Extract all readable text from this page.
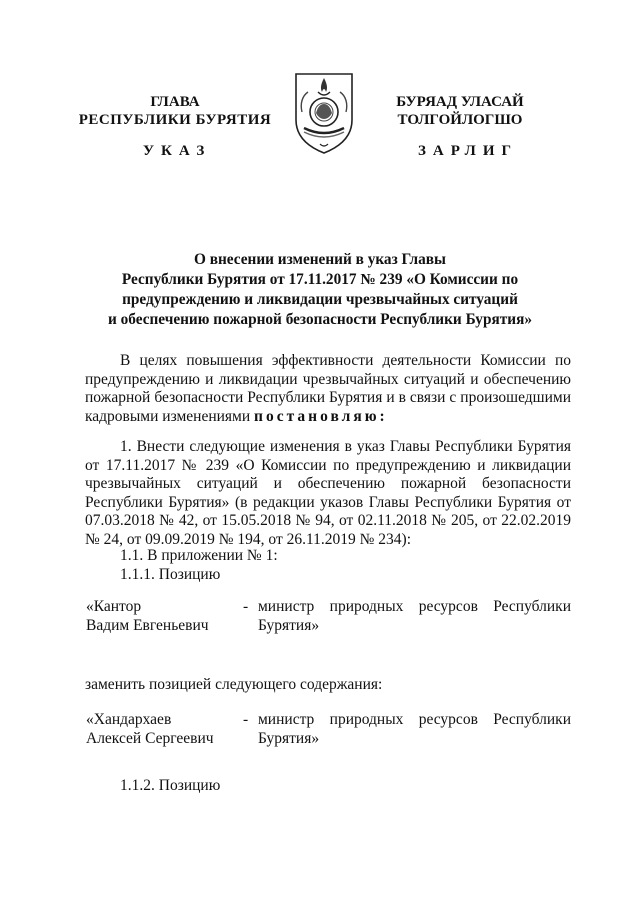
ГЛАВА
РЕСПУБЛИКИ БУРЯТИЯ
БУРЯАД УЛАСАЙ
ТОЛГОЙЛОГШО
УКАЗ	ЗАРЛИГ
О внесении изменений в указ Главы
Республики Бурятия от 17.11.2017 № 239 «О Комиссии по
предупреждению и ликвидации чрезвычайных ситуаций
и обеспечению пожарной безопасности Республики Бурятия»
В целях повышения эффективности деятельности Комиссии по предупреждению и ликвидации чрезвычайных ситуаций и обеспечению пожарной безопасности Республики Бурятия и в связи с произошедшими кадровыми изменениями постановляю:
1. Внести следующие изменения в указ Главы Республики Бурятия от 17.11.2017 № 239 «О Комиссии по предупреждению и ликвидации чрезвычайных ситуаций и обеспечению пожарной безопасности Республики Бурятия» (в редакции указов Главы Республики Бурятия от 07.03.2018 № 42, от 15.05.2018 № 94, от 02.11.2018 № 205, от 22.02.2019 № 24, от 09.09.2019 № 194, от 26.11.2019 № 234):
1.1. В приложении № 1:
1.1.1. Позицию
«Кантор
Вадим Евгеньевич
- министр природных ресурсов Республики Бурятия»
заменить позицией следующего содержания:
«Хандархаев
Алексей Сергеевич
- министр природных ресурсов Республики Бурятия»
1.1.2. Позицию
